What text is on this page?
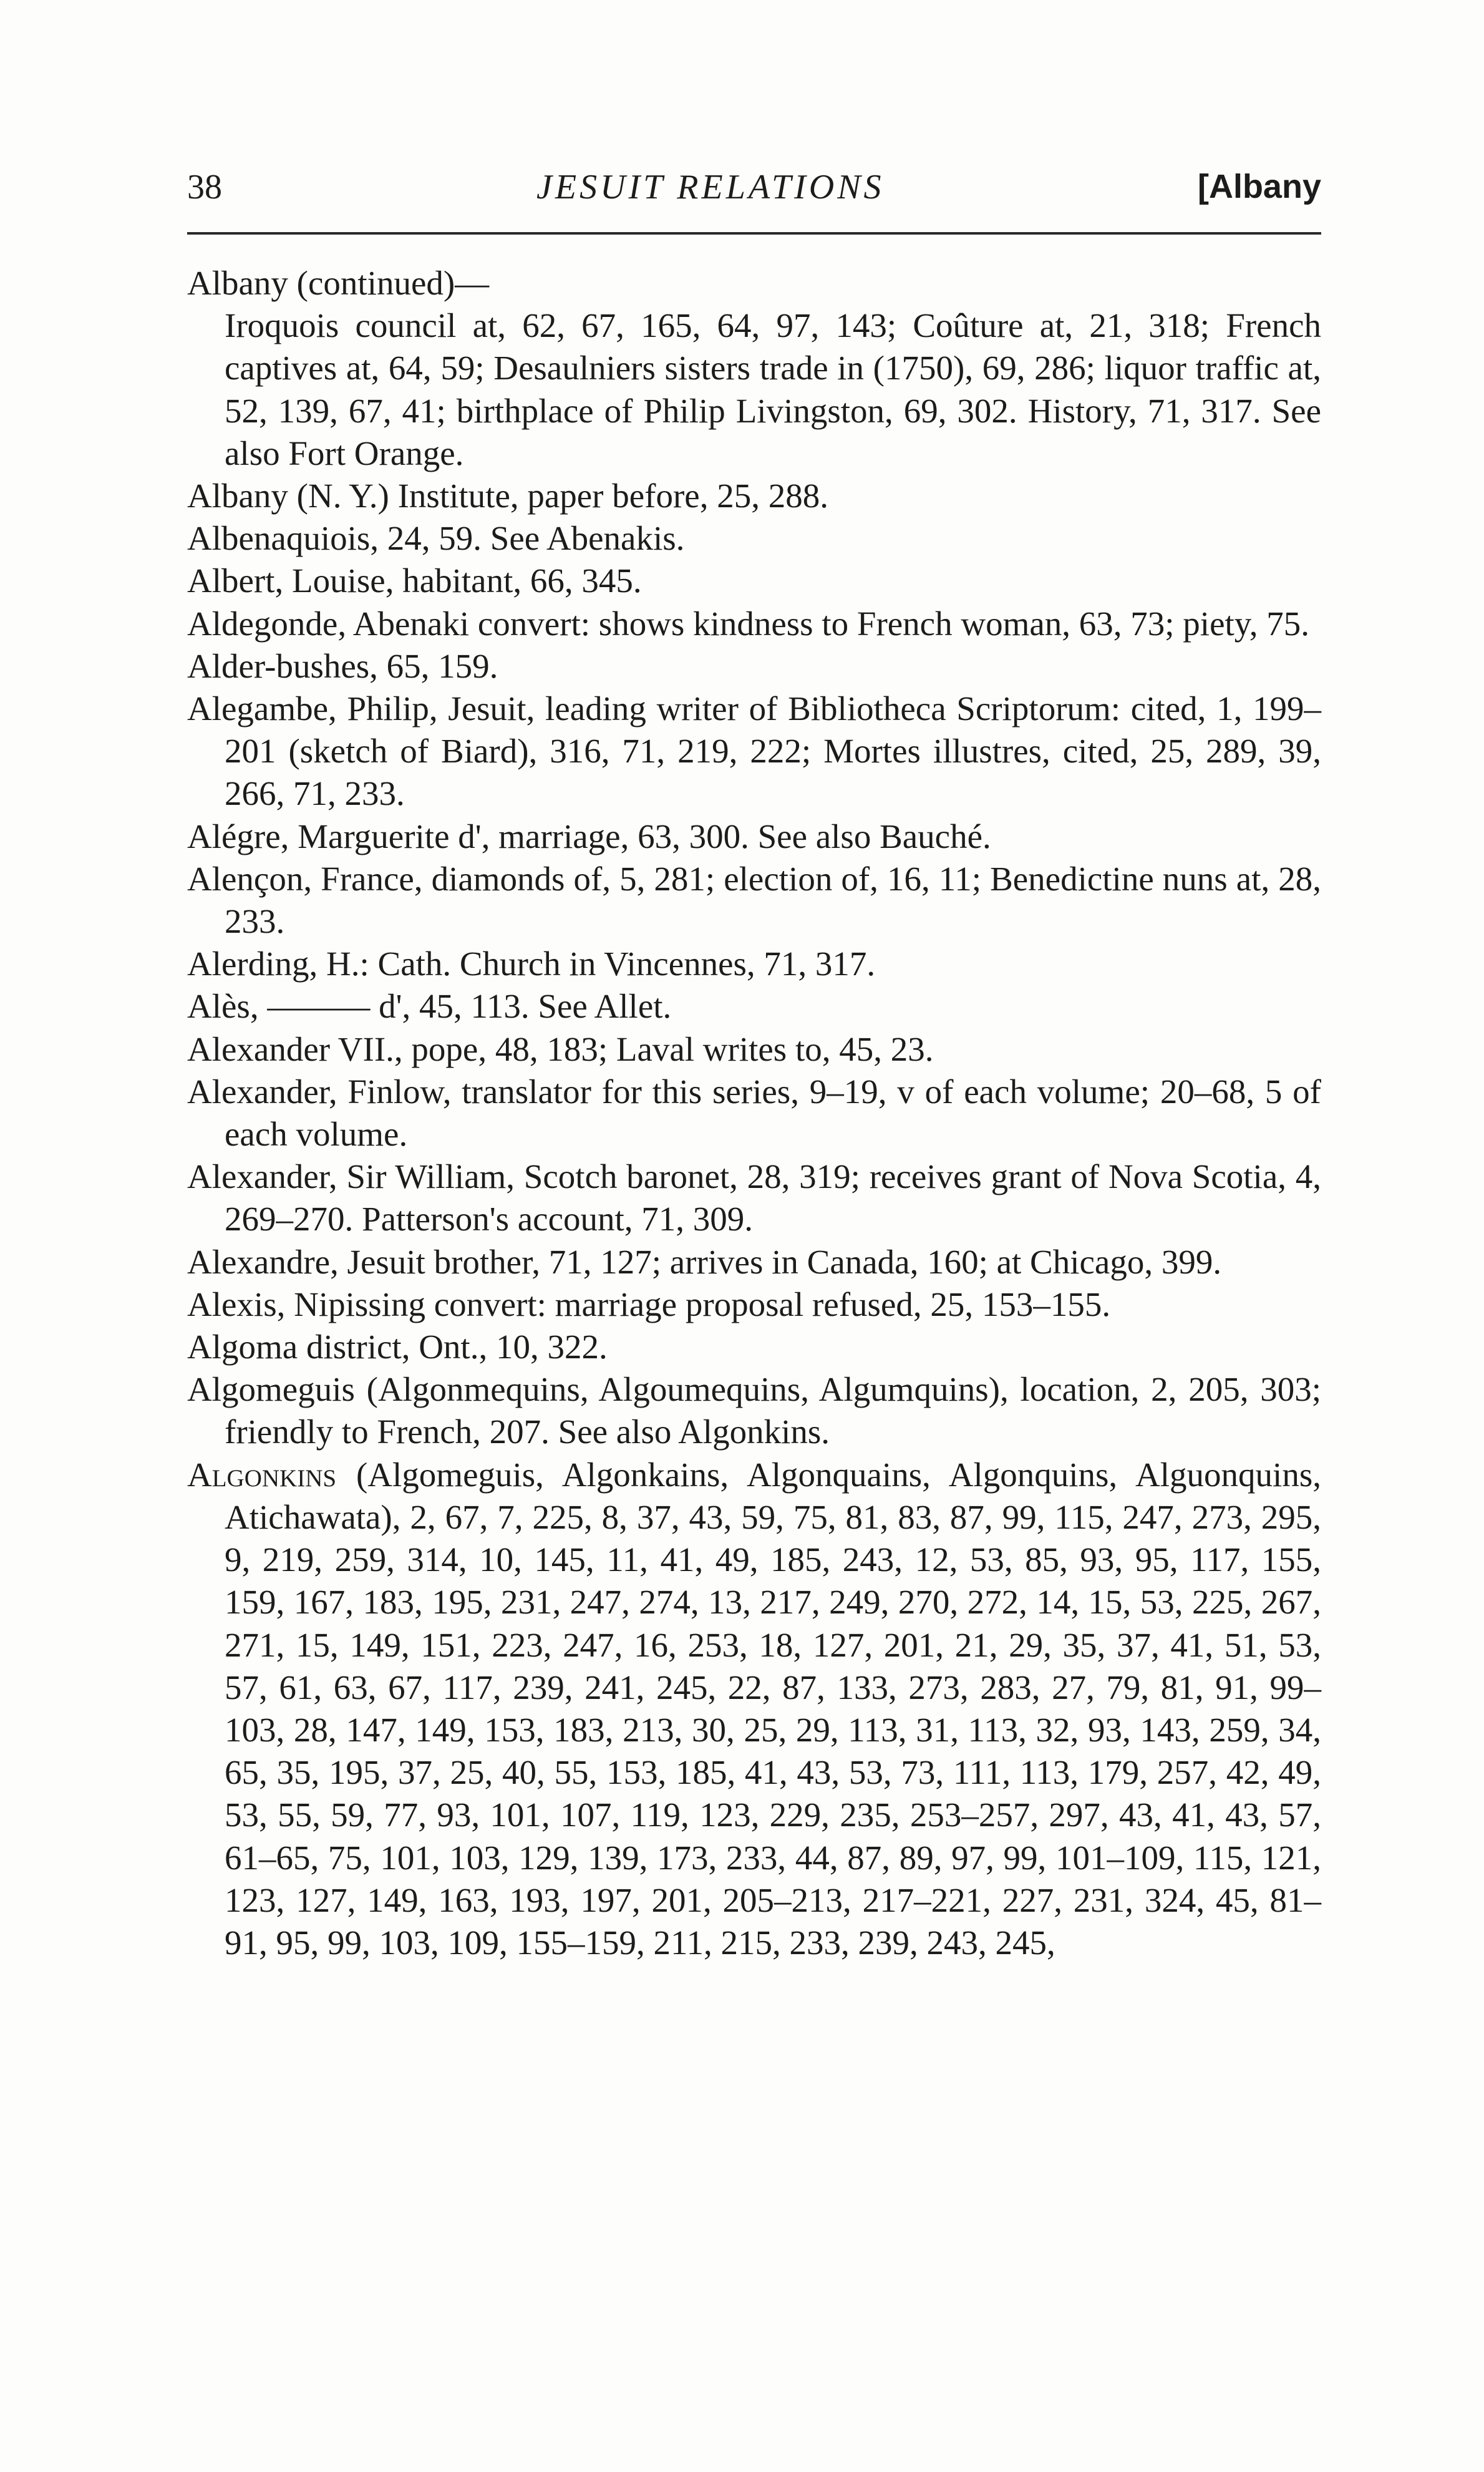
38	JESUIT RELATIONS	[Albany

Albany (continued)—
Iroquois council at, 62, 67, 165, 64, 97, 143; Coûture at, 21, 318; French captives at, 64, 59; Desaulniers sisters trade in (1750), 69, 286; liquor traffic at, 52, 139, 67, 41; birthplace of Philip Livingston, 69, 302. History, 71, 317. See also Fort Orange.

Albany (N. Y.) Institute, paper before, 25, 288.

Albenaquiois, 24, 59. See Abenakis.

Albert, Louise, habitant, 66, 345.

Aldegonde, Abenaki convert: shows kindness to French woman, 63, 73; piety, 75.

Alder-bushes, 65, 159.

Alegambe, Philip, Jesuit, leading writer of Bibliotheca Scriptorum: cited, 1, 199–201 (sketch of Biard), 316, 71, 219, 222; Mortes illustres, cited, 25, 289, 39, 266, 71, 233.

Alégre, Marguerite d', marriage, 63, 300. See also Bauché.

Alençon, France, diamonds of, 5, 281; election of, 16, 11; Benedictine nuns at, 28, 233.

Alerding, H.: Cath. Church in Vincennes, 71, 317.

Alès, ——— d', 45, 113. See Allet.

Alexander VII., pope, 48, 183; Laval writes to, 45, 23.

Alexander, Finlow, translator for this series, 9–19, v of each volume; 20–68, 5 of each volume.

Alexander, Sir William, Scotch baronet, 28, 319; receives grant of Nova Scotia, 4, 269–270. Patterson's account, 71, 309.

Alexandre, Jesuit brother, 71, 127; arrives in Canada, 160; at Chicago, 399.

Alexis, Nipissing convert: marriage proposal refused, 25, 153–155.

Algoma district, Ont., 10, 322.

Algomeguis (Algonmequins, Algoumequins, Algumquins), location, 2, 205, 303; friendly to French, 207. See also Algonkins.

Algonkins (Algomeguis, Algonkains, Algonquains, Algonquins, Alguonquins, Atichawata), 2, 67, 7, 225, 8, 37, 43, 59, 75, 81, 83, 87, 99, 115, 247, 273, 295, 9, 219, 259, 314, 10, 145, 11, 41, 49, 185, 243, 12, 53, 85, 93, 95, 117, 155, 159, 167, 183, 195, 231, 247, 274, 13, 217, 249, 270, 272, 14, 15, 53, 225, 267, 271, 15, 149, 151, 223, 247, 16, 253, 18, 127, 201, 21, 29, 35, 37, 41, 51, 53, 57, 61, 63, 67, 117, 239, 241, 245, 22, 87, 133, 273, 283, 27, 79, 81, 91, 99–103, 28, 147, 149, 153, 183, 213, 30, 25, 29, 113, 31, 113, 32, 93, 143, 259, 34, 65, 35, 195, 37, 25, 40, 55, 153, 185, 41, 43, 53, 73, 111, 113, 179, 257, 42, 49, 53, 55, 59, 77, 93, 101, 107, 119, 123, 229, 235, 253–257, 297, 43, 41, 43, 57, 61–65, 75, 101, 103, 129, 139, 173, 233, 44, 87, 89, 97, 99, 101–109, 115, 121, 123, 127, 149, 163, 193, 197, 201, 205–213, 217–221, 227, 231, 324, 45, 81–91, 95, 99, 103, 109, 155–159, 211, 215, 233, 239, 243, 245,
